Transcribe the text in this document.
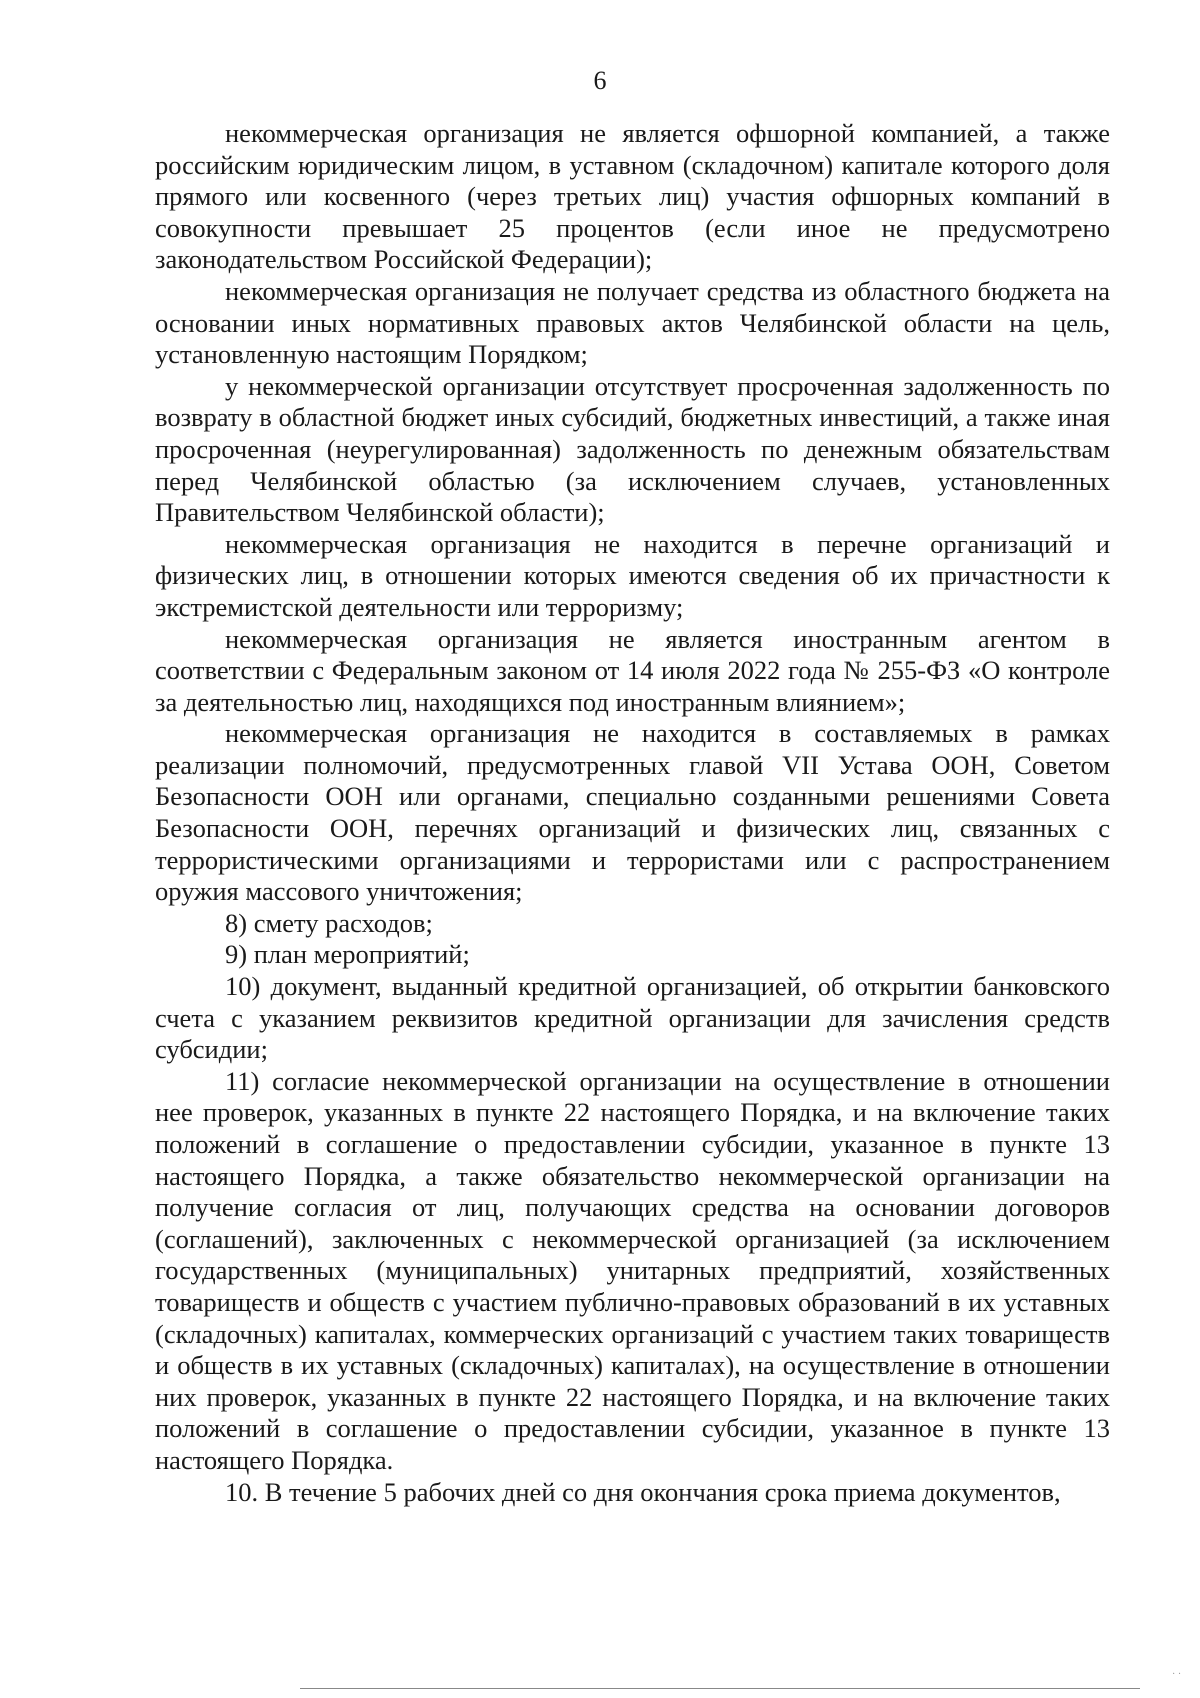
6

некоммерческая организация не является офшорной компанией, а также российским юридическим лицом, в уставном (складочном) капитале которого доля прямого или косвенного (через третьих лиц) участия офшорных компаний в совокупности превышает 25 процентов (если иное не предусмотрено законодательством Российской Федерации);

некоммерческая организация не получает средства из областного бюджета на основании иных нормативных правовых актов Челябинской области на цель, установленную настоящим Порядком;

у некоммерческой организации отсутствует просроченная задолженность по возврату в областной бюджет иных субсидий, бюджетных инвестиций, а также иная просроченная (неурегулированная) задолженность по денежным обязательствам перед Челябинской областью (за исключением случаев, установленных Правительством Челябинской области);

некоммерческая организация не находится в перечне организаций и физических лиц, в отношении которых имеются сведения об их причастности к экстремистской деятельности или терроризму;

некоммерческая организация не является иностранным агентом в соответствии с Федеральным законом от 14 июля 2022 года № 255-ФЗ «О контроле за деятельностью лиц, находящихся под иностранным влиянием»;

некоммерческая организация не находится в составляемых в рамках реализации полномочий, предусмотренных главой VII Устава ООН, Советом Безопасности ООН или органами, специально созданными решениями Совета Безопасности ООН, перечнях организаций и физических лиц, связанных с террористическими организациями и террористами или с распространением оружия массового уничтожения;

8) смету расходов;

9) план мероприятий;

10) документ, выданный кредитной организацией, об открытии банковского счета с указанием реквизитов кредитной организации для зачисления средств субсидии;

11) согласие некоммерческой организации на осуществление в отношении нее проверок, указанных в пункте 22 настоящего Порядка, и на включение таких положений в соглашение о предоставлении субсидии, указанное в пункте 13 настоящего Порядка, а также обязательство некоммерческой организации на получение согласия от лиц, получающих средства на основании договоров (соглашений), заключенных с некоммерческой организацией (за исключением государственных (муниципальных) унитарных предприятий, хозяйственных товариществ и обществ с участием публично-правовых образований в их уставных (складочных) капиталах, коммерческих организаций с участием таких товариществ и обществ в их уставных (складочных) капиталах), на осуществление в отношении них проверок, указанных в пункте 22 настоящего Порядка, и на включение таких положений в соглашение о предоставлении субсидии, указанное в пункте 13 настоящего Порядка.

10. В течение 5 рабочих дней со дня окончания срока приема документов,

· ·
